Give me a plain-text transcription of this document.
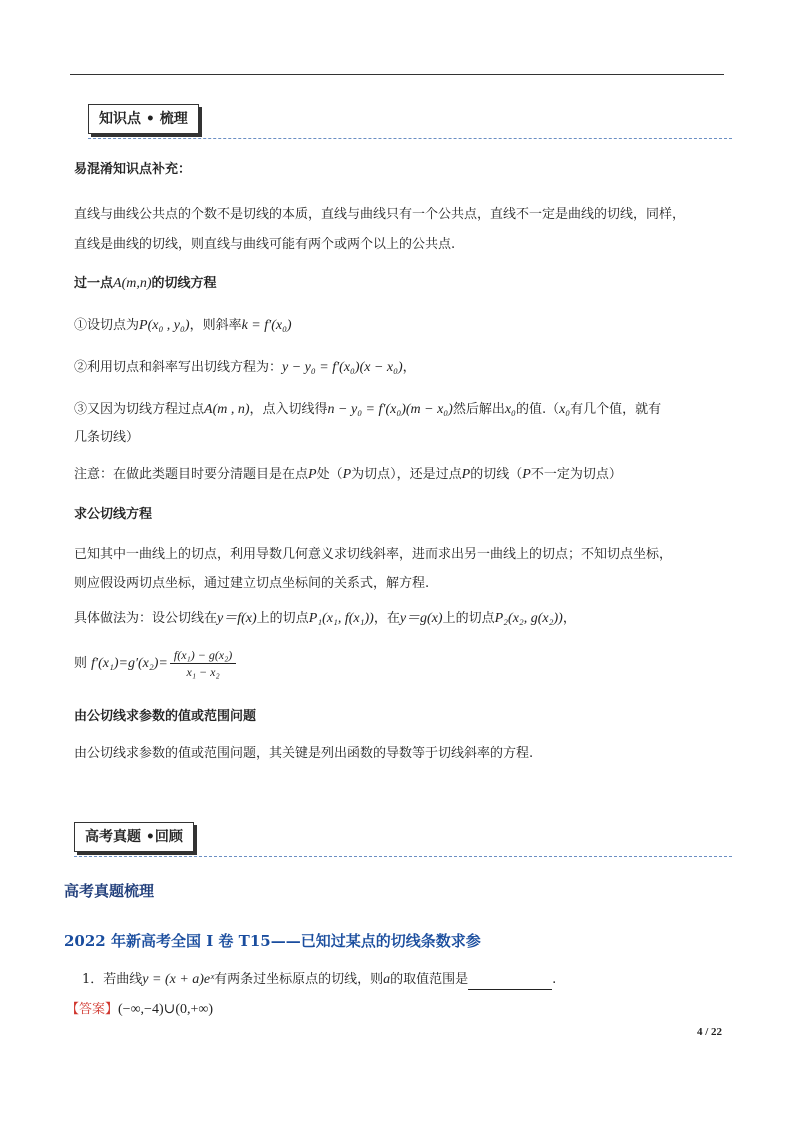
知识点 • 梳理
易混淆知识点补充：
直线与曲线公共点的个数不是切线的本质，直线与曲线只有一个公共点，直线不一定是曲线的切线，同样，
直线是曲线的切线，则直线与曲线可能有两个或两个以上的公共点.
过一点A(m,n)的切线方程
①设切点为P(x₀ , y₀)，则斜率k = f′(x₀)
②利用切点和斜率写出切线方程为：y − y₀ = f′(x₀)(x − x₀)，
③又因为切线方程过点A(m , n)，点入切线得n − y₀ = f′(x₀)(m − x₀)然后解出x₀的值.（x₀有几个值，就有
几条切线）
注意：在做此类题目时要分清题目是在点P处（P为切点），还是过点P的切线（P不一定为切点）
求公切线方程
已知其中一曲线上的切点，利用导数几何意义求切线斜率，进而求出另一曲线上的切点；不知切点坐标，
则应假设两切点坐标，通过建立切点坐标间的关系式，解方程.
具体做法为：设公切线在y＝f(x)上的切点P₁(x₁, f(x₁))，在y＝g(x)上的切点P₂(x₂, g(x₂))，
则 $f'(x_1)=g'(x_2)= \frac{\text{f(x₁) − g(x₂)}}{\text{x₁ − x₂}}$
由公切线求参数的值或范围问题
由公切线求参数的值或范围问题，其关键是列出函数的导数等于切线斜率的方程.
高考真题 •回顾
高考真题梳理
2022 年新高考全国 I 卷 T15——已知过某点的切线条数求参
1．若曲线y = (x + a)eˣ有两条过坐标原点的切线，则a的取值范围是	.
【答案】(−∞,−4)∪(0,+∞)
4 / 22
